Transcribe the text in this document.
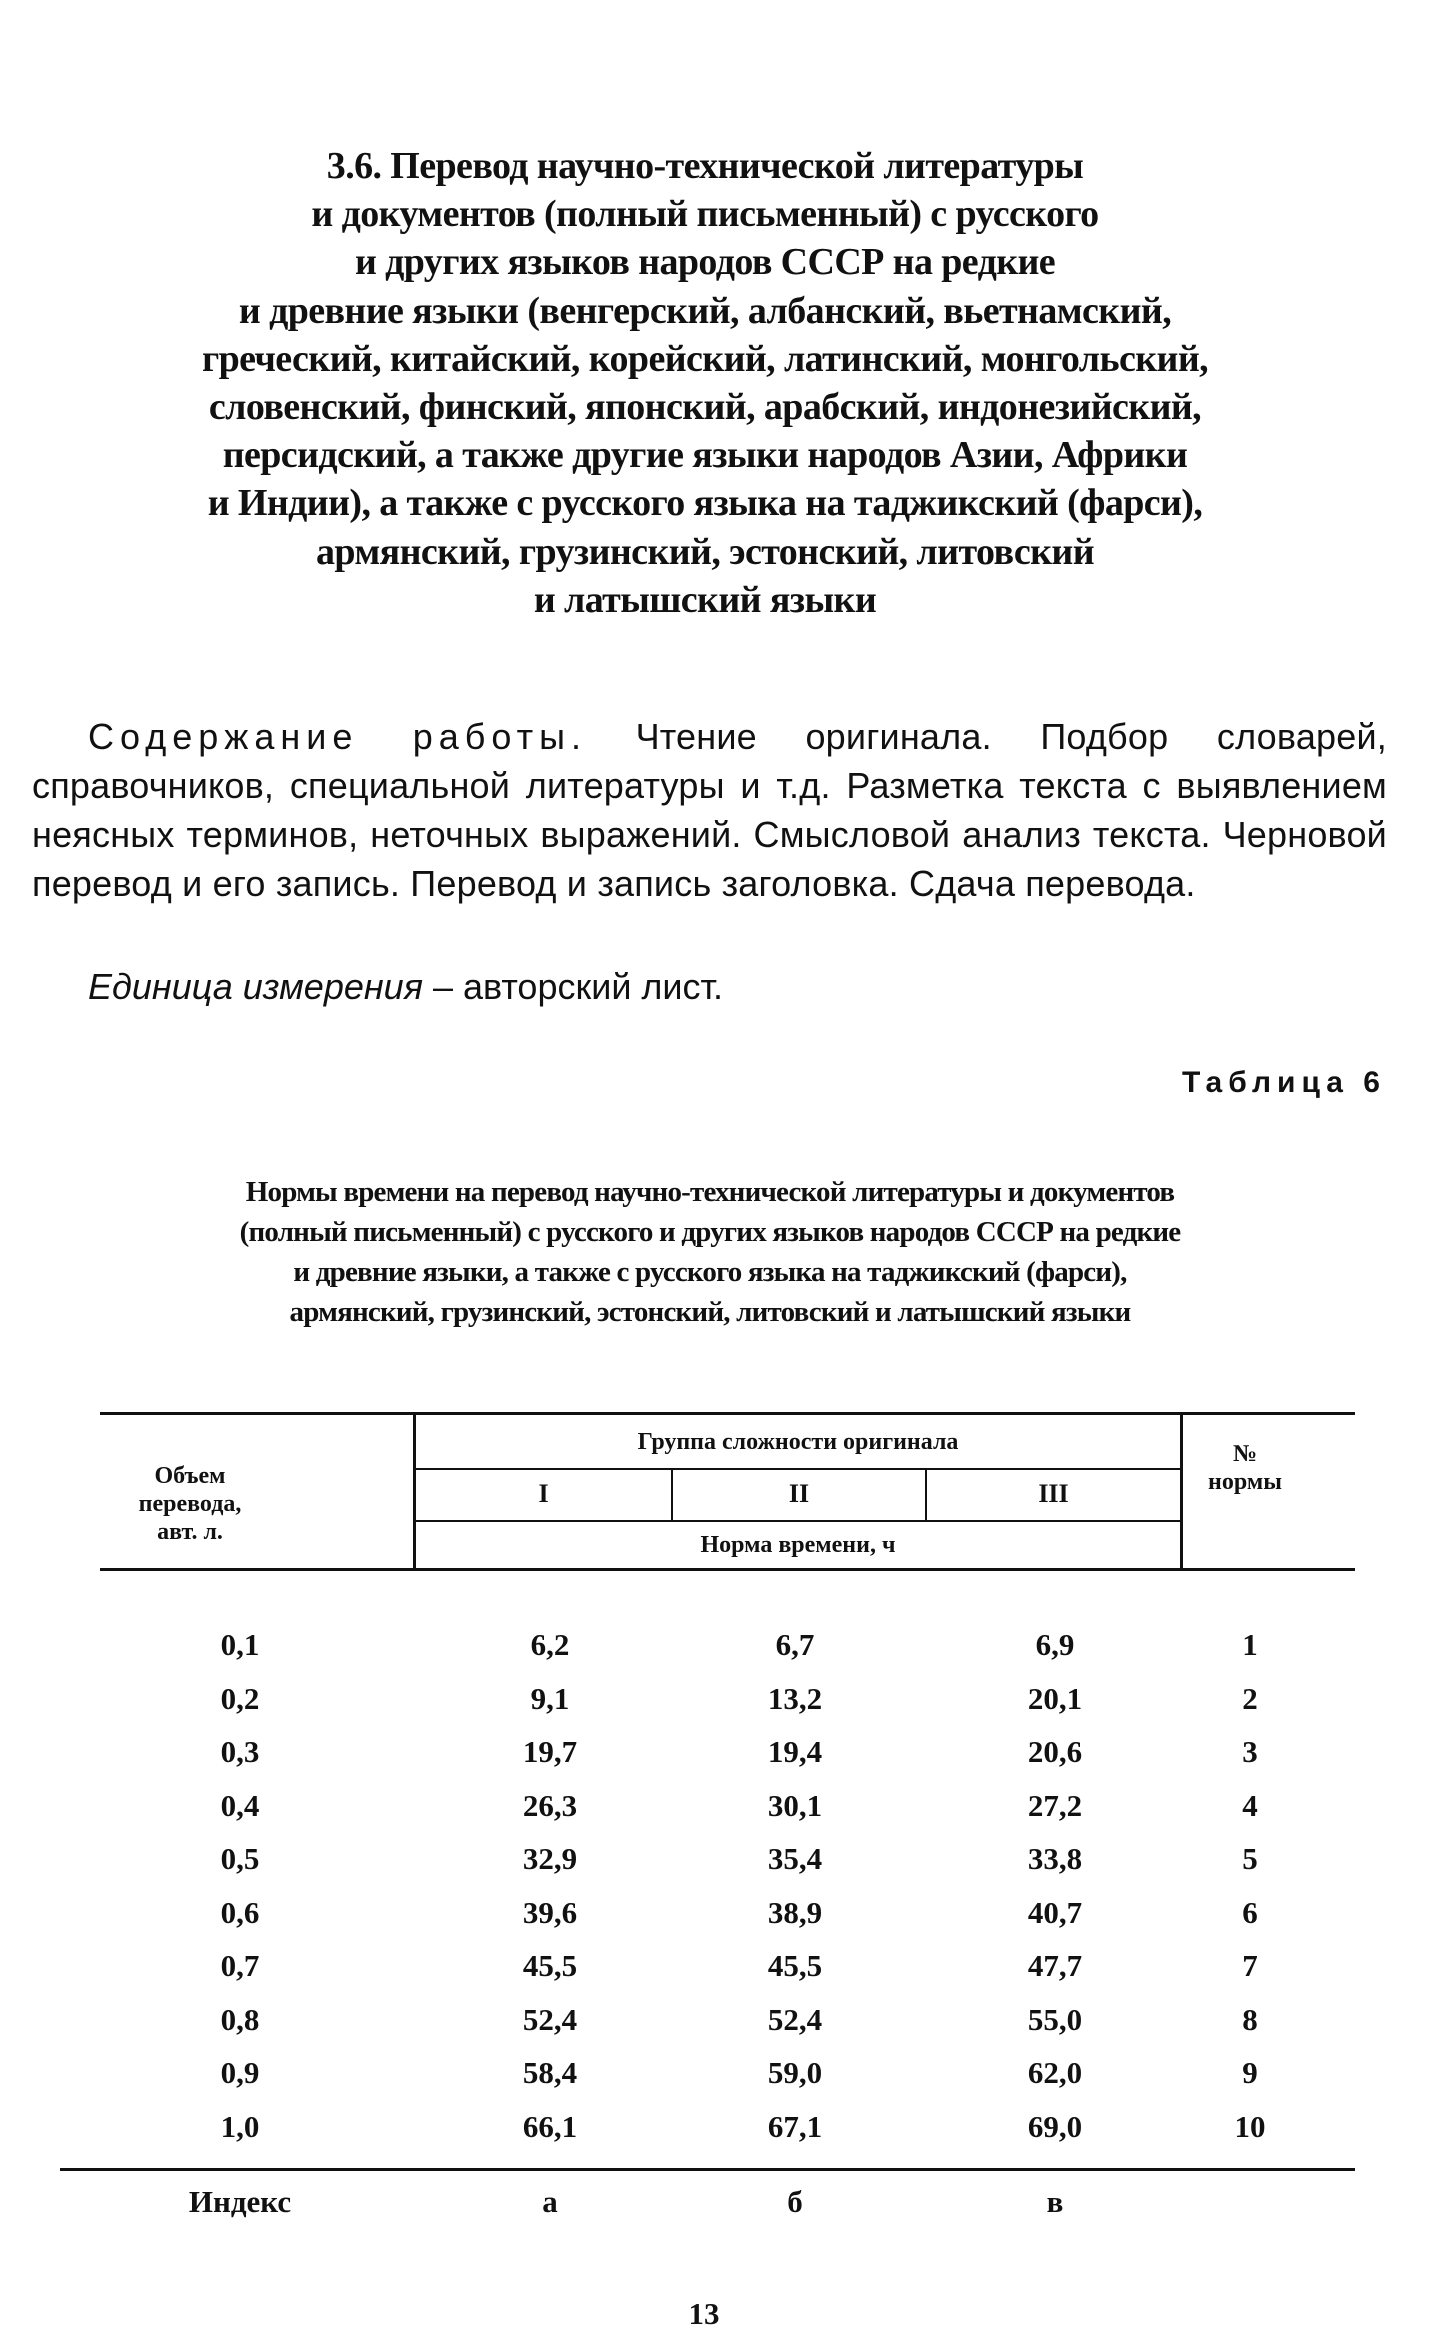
3.6. Перевод научно-технической литературы
и документов (полный письменный) с русского
и других языков народов СССР на редкие
и древние языки (венгерский, албанский, вьетнамский,
греческий, китайский, корейский, латинский, монгольский,
словенский, финский, японский, арабский, индонезийский,
персидский, а также другие языки народов Азии, Африки
и Индии), а также с русского языка на таджикский (фарси),
армянский, грузинский, эстонский, литовский
и латышский языки
Содержание работы. Чтение оригинала. Подбор словарей, справочников, специальной литературы и т.д. Разметка текста с выявлением неясных терминов, неточных выражений. Смысловой анализ текста. Черновой перевод и его запись. Перевод и запись заголовка. Сдача перевода.
Единица измерения – авторский лист.
Таблица 6
Нормы времени на перевод научно-технической литературы и документов
(полный письменный) с русского и других языков народов СССР на редкие
и древние языки, а также с русского языка на таджикский (фарси),
армянский, грузинский, эстонский, литовский и латышский языки
Объем перевода, авт. л.
Группа сложности оригинала
I	II	III
Норма времени, ч
№ нормы
0,1	6,2	6,7	6,9	1
0,2	9,1	13,2	20,1	2
0,3	19,7	19,4	20,6	3
0,4	26,3	30,1	27,2	4
0,5	32,9	35,4	33,8	5
0,6	39,6	38,9	40,7	6
0,7	45,5	45,5	47,7	7
0,8	52,4	52,4	55,0	8
0,9	58,4	59,0	62,0	9
1,0	66,1	67,1	69,0	10
Индекс	а	б	в
13
